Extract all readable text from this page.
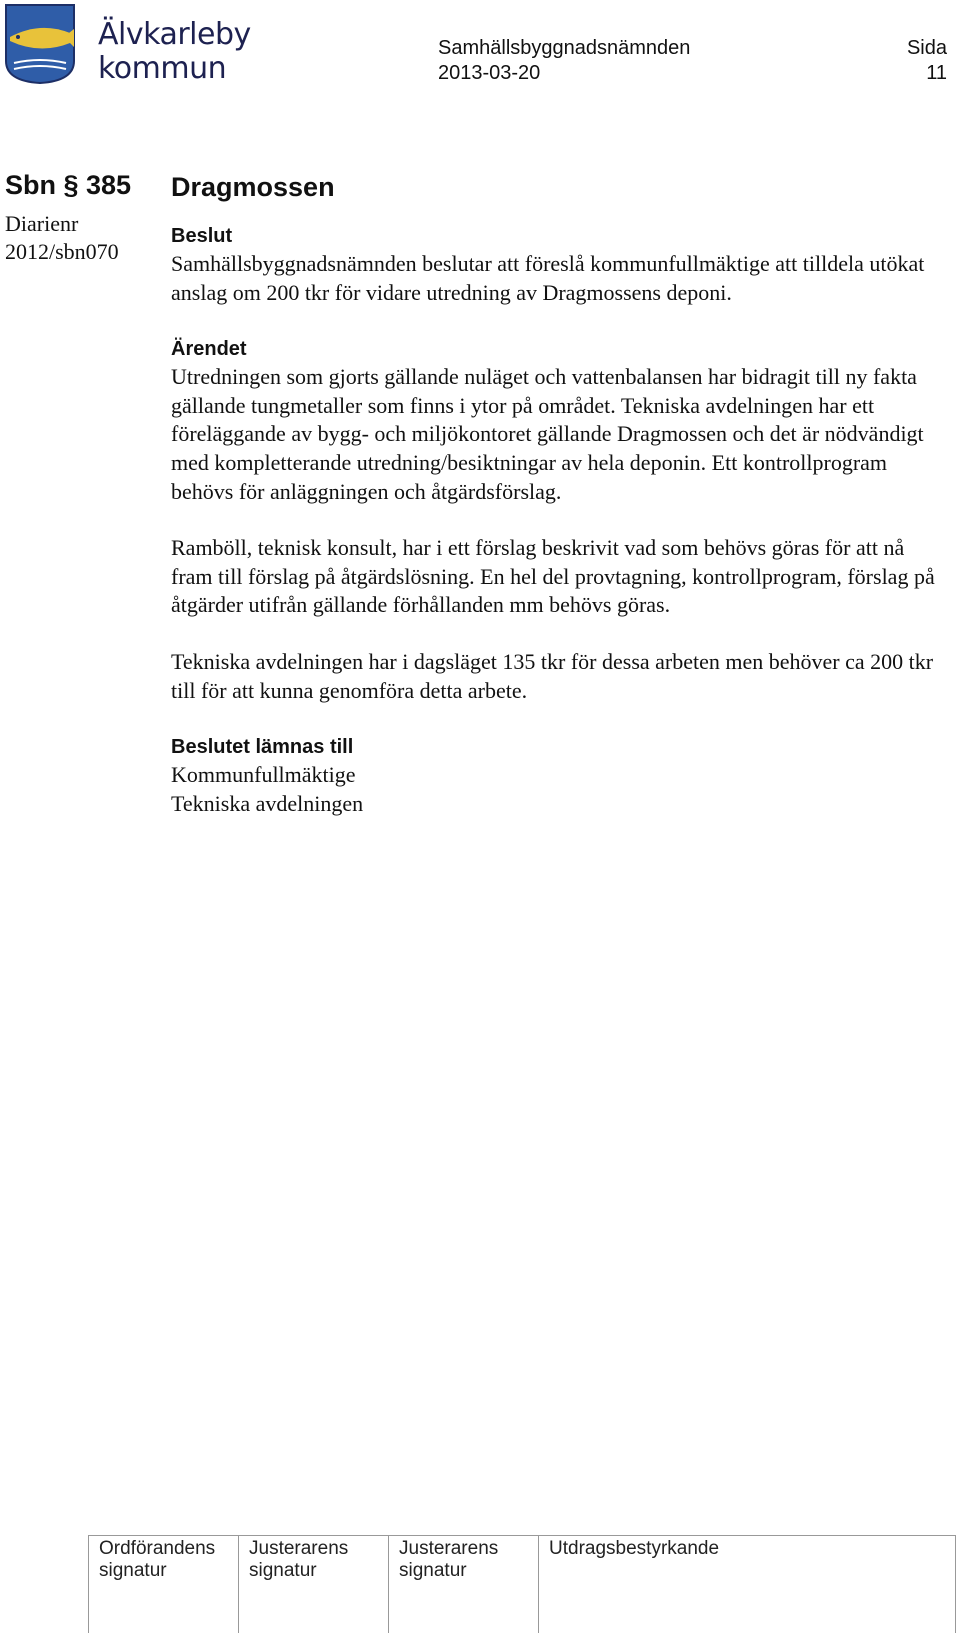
Älvkarleby
kommun
Samhällsbyggnadsnämnden
2013-03-20
Sida
11
Sbn § 385
Diarienr
2012/sbn070
Dragmossen
Beslut

Samhällsbyggnadsnämnden beslutar att föreslå kommunfullmäktige att tilldela utökat anslag om 200 tkr för vidare utredning av Dragmossens deponi.

Ärendet

Utredningen som gjorts gällande nuläget och vattenbalansen har bidragit till ny fakta gällande tungmetaller som finns i ytor på området. Tekniska avdelningen har ett föreläggande av bygg- och miljökontoret gällande Dragmossen och det är nödvändigt med kompletterande utredning/besiktningar av hela deponin. Ett kontrollprogram behövs för anläggningen och åtgärdsförslag.

Ramböll, teknisk konsult, har i ett förslag beskrivit vad som behövs göras för att nå fram till förslag på åtgärdslösning. En hel del provtagning, kontrollprogram, förslag på åtgärder utifrån gällande förhållanden mm behövs göras.

Tekniska avdelningen har i dagsläget 135 tkr för dessa arbeten men behöver ca 200 tkr till för att kunna genomföra detta arbete.

Beslutet lämnas till

Kommunfullmäktige

Tekniska avdelningen

Ordförandens
signatur
Justerarens
signatur
Justerarens
signatur
Utdragsbestyrkande
